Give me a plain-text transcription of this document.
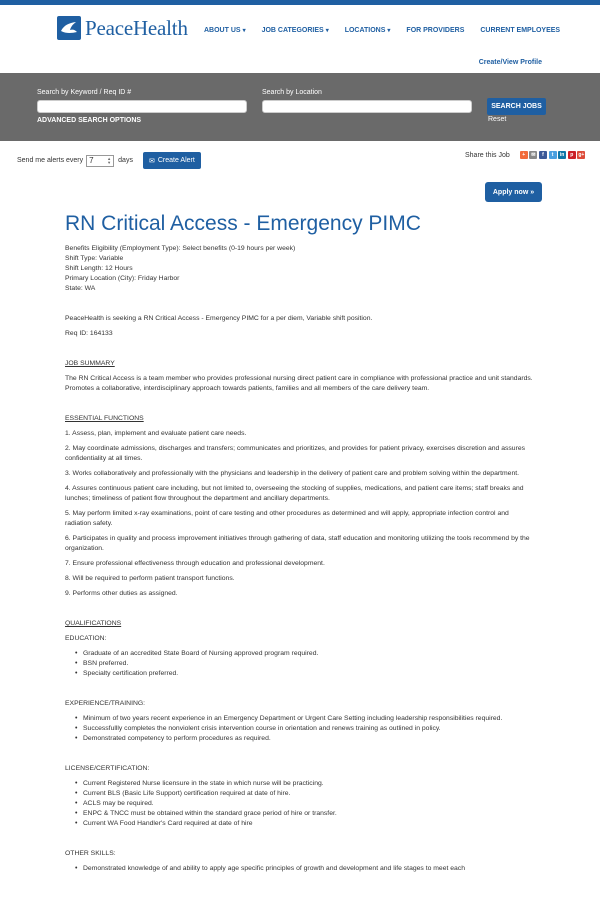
PeaceHealth ABOUT US ▾ JOB CATEGORIES ▾ LOCATIONS ▾ FOR PROVIDERS CURRENT EMPLOYEES
Create/View Profile
Search by Keyword / Req ID #	Search by Location
ADVANCED SEARCH OPTIONS
SEARCH JOBS
Reset
Send me alerts every 7	▲
▼ days ✉ Create Alert
Share this Job	+	✉	f	t	in	p	g+
Apply now »
RN Critical Access - Emergency PIMC
Benefits Eligibility (Employment Type): Select benefits (0-19 hours per week)
Shift Type: Variable
Shift Length: 12 Hours
Primary Location (City): Friday Harbor
State: WA

PeaceHealth is seeking a RN Critical Access - Emergency PIMC for a per diem, Variable shift position.

Req ID: 164133

JOB SUMMARY

The RN Critical Access is a team member who provides professional nursing direct patient care in compliance with professional practice and unit standards. Promotes a collaborative, interdisciplinary approach towards patients, families and all members of the care delivery team.

ESSENTIAL FUNCTIONS

1. Assess, plan, implement and evaluate patient care needs.

2. May coordinate admissions, discharges and transfers; communicates and prioritizes, and provides for patient privacy, exercises discretion and assures confidentiality at all times.

3. Works collaboratively and professionally with the physicians and leadership in the delivery of patient care and problem solving within the department.

4. Assures continuous patient care including, but not limited to, overseeing the stocking of supplies, medications, and patient care items; staff breaks and lunches; timeliness of patient flow throughout the department and ancillary departments.

5. May perform limited x-ray examinations, point of care testing and other procedures as determined and will apply, appropriate infection control and radiation safety.

6. Participates in quality and process improvement initiatives through gathering of data, staff education and monitoring utilizing the tools recommend by the organization.

7. Ensure professional effectiveness through education and professional development.

8. Will be required to perform patient transport functions.

9. Performs other duties as assigned.

QUALIFICATIONS

EDUCATION:

• Graduate of an accredited State Board of Nursing approved program required.
• BSN preferred.
• Specialty certification preferred.

EXPERIENCE/TRAINING:

• Minimum of two years recent experience in an Emergency Department or Urgent Care Setting including leadership responsibilities required.
• Successfullly completes the nonviolent crisis intervention course in orientation and renews training as outlined in policy.
• Demonstrated competency to perform procedures as required.

LICENSE/CERTIFICATION:

• Current Registered Nurse licensure in the state in which nurse will be practicing.
• Current BLS (Basic Life Support) certification required at date of hire.
• ACLS may be required.
• ENPC & TNCC must be obtained within the standard grace period of hire or transfer.
• Current WA Food Handler's Card required at date of hire

OTHER SKILLS:

• Demonstrated knowledge of and ability to apply age specific principles of growth and development and life stages to meet each
